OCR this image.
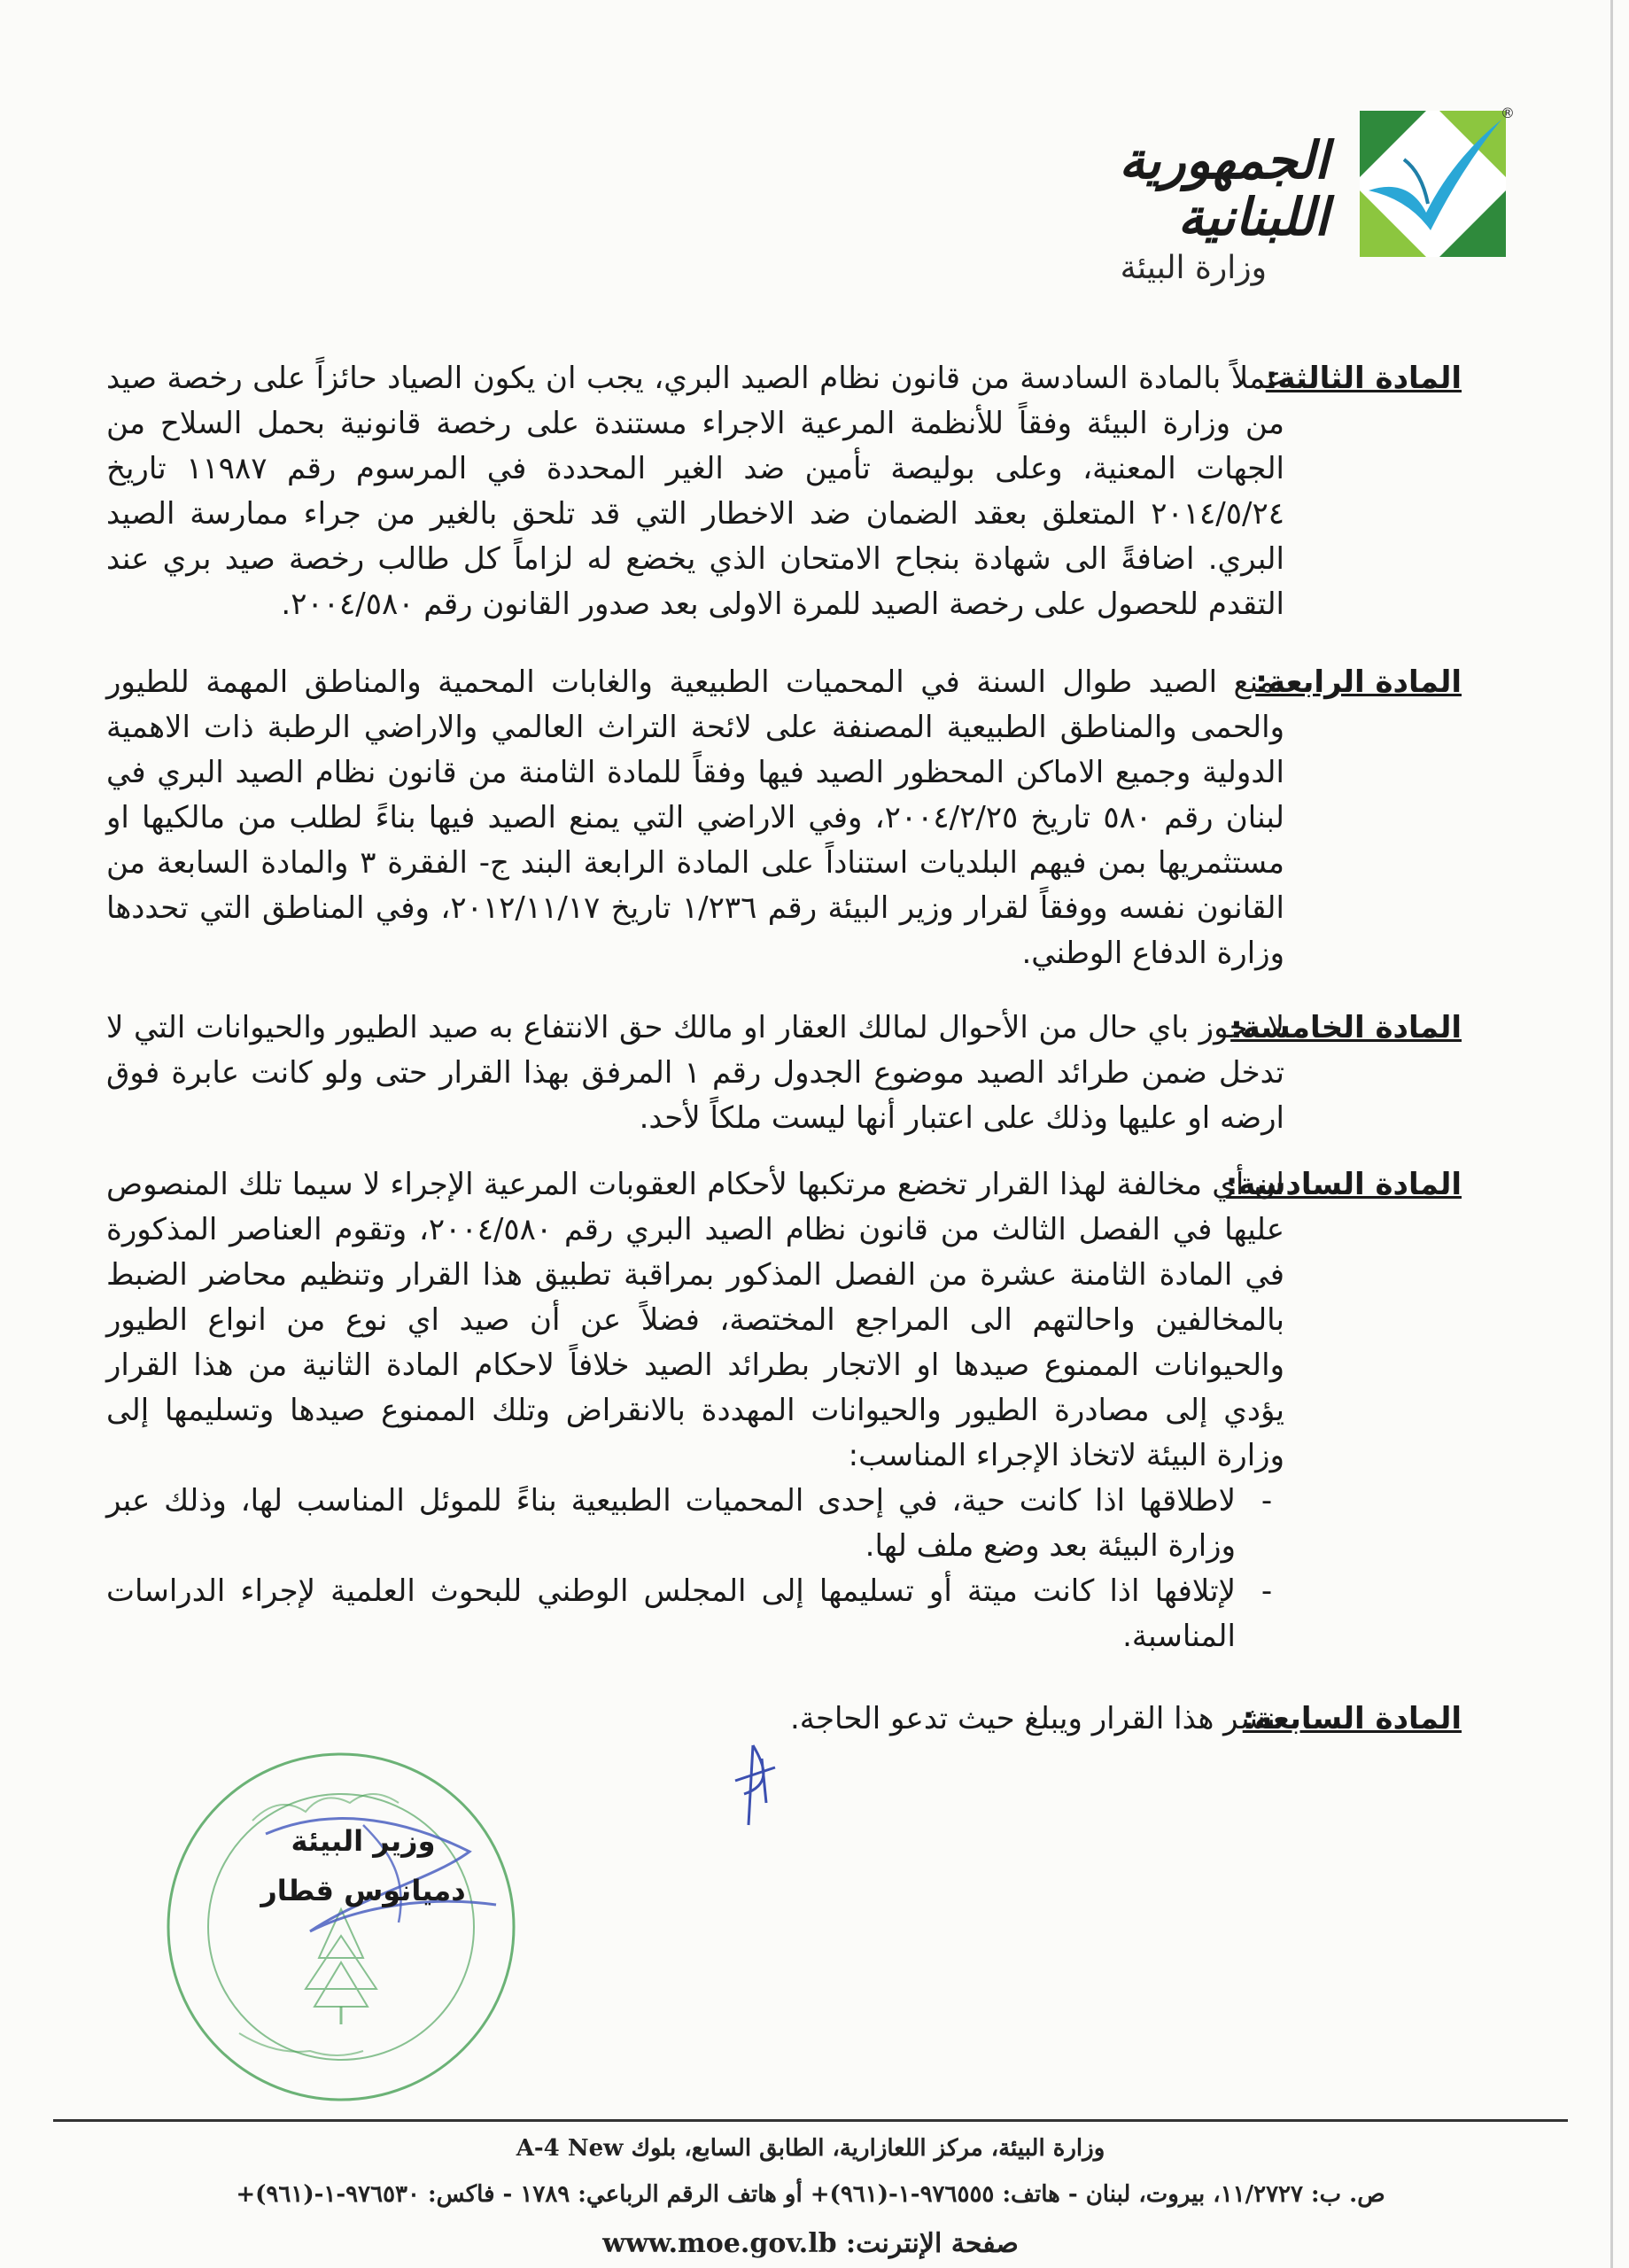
®
الجمهورية اللبنانية
وزارة البيئة
المادة الثالثة:

عملاً بالمادة السادسة من قانون نظام الصيد البري، يجب ان يكون الصياد حائزاً على رخصة صيد من وزارة البيئة وفقاً للأنظمة المرعية الاجراء مستندة على رخصة قانونية بحمل السلاح من الجهات المعنية، وعلى بوليصة تأمين ضد الغير المحددة في المرسوم رقم ١١٩٨٧ تاريخ ٢٠١٤/٥/٢٤ المتعلق بعقد الضمان ضد الاخطار التي قد تلحق بالغير من جراء ممارسة الصيد البري. اضافةً الى شهادة بنجاح الامتحان الذي يخضع له لزاماً كل طالب رخصة صيد بري عند التقدم للحصول على رخصة الصيد للمرة الاولى بعد صدور القانون رقم ٢٠٠٤/٥٨٠.

المادة الرابعة:

يمنع الصيد طوال السنة في المحميات الطبيعية والغابات المحمية والمناطق المهمة للطيور والحمى والمناطق الطبيعية المصنفة على لائحة التراث العالمي والاراضي الرطبة ذات الاهمية الدولية وجميع الاماكن المحظور الصيد فيها وفقاً للمادة الثامنة من قانون نظام الصيد البري في لبنان رقم ٥٨٠ تاريخ ٢٠٠٤/٢/٢٥، وفي الاراضي التي يمنع الصيد فيها بناءً لطلب من مالكيها او مستثمريها بمن فيهم البلديات استناداً على المادة الرابعة البند ج- الفقرة ٣ والمادة السابعة من القانون نفسه ووفقاً لقرار وزير البيئة رقم ١/٢٣٦ تاريخ ٢٠١٢/١١/١٧، وفي المناطق التي تحددها وزارة الدفاع الوطني.

المادة الخامسة:

لا يجوز باي حال من الأحوال لمالك العقار او مالك حق الانتفاع به صيد الطيور والحيوانات التي لا تدخل ضمن طرائد الصيد موضوع الجدول رقم ١ المرفق بهذا القرار حتى ولو كانت عابرة فوق ارضه او عليها وذلك على اعتبار أنها ليست ملكاً لأحد.

المادة السادسة:

ان أي مخالفة لهذا القرار تخضع مرتكبها لأحكام العقوبات المرعية الإجراء لا سيما تلك المنصوص عليها في الفصل الثالث من قانون نظام الصيد البري رقم ٢٠٠٤/٥٨٠، وتقوم العناصر المذكورة في المادة الثامنة عشرة من الفصل المذكور بمراقبة تطبيق هذا القرار وتنظيم محاضر الضبط بالمخالفين واحالتهم الى المراجع المختصة، فضلاً عن أن صيد اي نوع من انواع الطيور والحيوانات الممنوع صيدها او الاتجار بطرائد الصيد خلافاً لاحكام المادة الثانية من هذا القرار يؤدي إلى مصادرة الطيور والحيوانات المهددة بالانقراض وتلك الممنوع صيدها وتسليمها إلى وزارة البيئة لاتخاذ الإجراء المناسب:

-
لاطلاقها اذا كانت حية، في إحدى المحميات الطبيعية بناءً للموئل المناسب لها، وذلك عبر وزارة البيئة بعد وضع ملف لها.
-
لإتلافها اذا كانت ميتة أو تسليمها إلى المجلس الوطني للبحوث العلمية لإجراء الدراسات المناسبة.
المادة السابعة:

ينشر هذا القرار ويبلغ حيث تدعو الحاجة.

وزير البيئة
دميانوس قطار
وزارة البيئة، مركز اللعازارية، الطابق السابع، بلوك A-4 New
ص. ب: ١١/٢٧٢٧، بيروت، لبنان - هاتف: ٩٧٦٥٥٥-١-(٩٦١)+ أو هاتف الرقم الرباعي: ١٧٨٩ - فاكس: ٩٧٦٥٣٠-١-(٩٦١)+
صفحة الإنترنت: www.moe.gov.lb
